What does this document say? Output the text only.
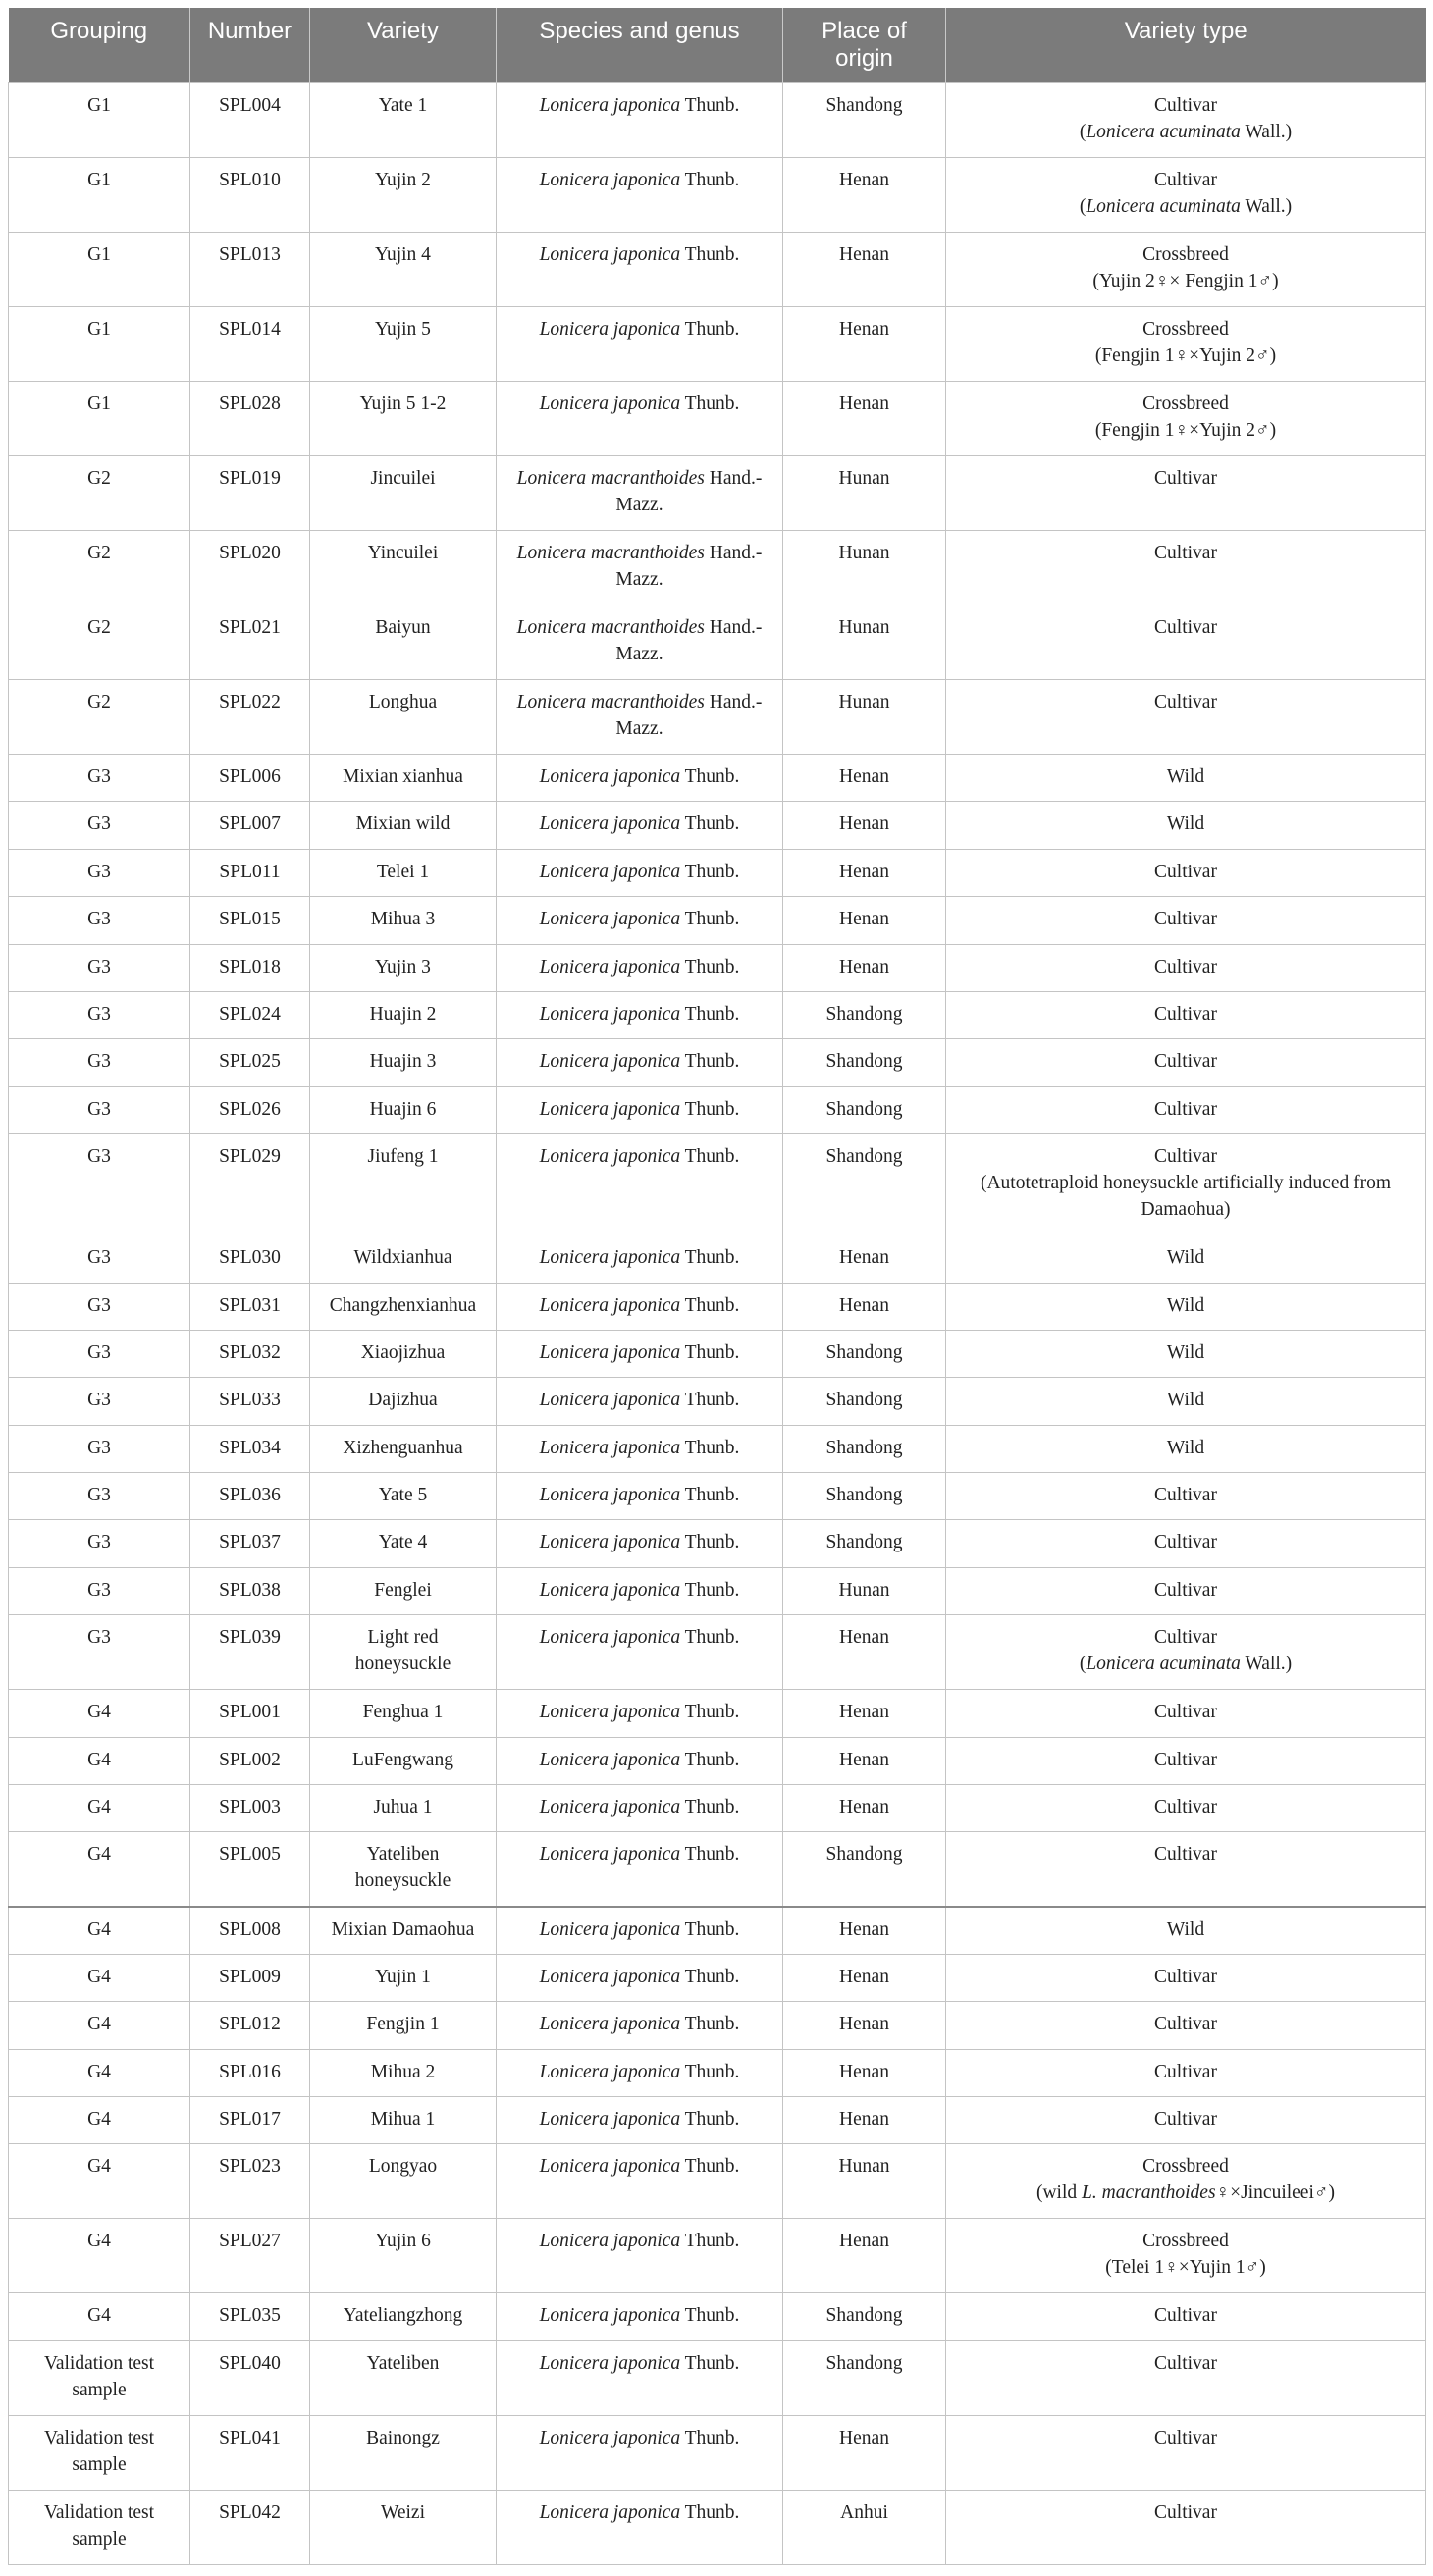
Grouping	Number	Variety	Species and genus	Place of origin	Variety type
G1	SPL004	Yate 1	Lonicera japonica Thunb.	Shandong	Cultivar
(Lonicera acuminata Wall.)

G1	SPL010	Yujin 2	Lonicera japonica Thunb.	Henan	Cultivar
(Lonicera acuminata Wall.)

G1	SPL013	Yujin 4	Lonicera japonica Thunb.	Henan	Crossbreed
(Yujin 2♀× Fengjin 1♂)

G1	SPL014	Yujin 5	Lonicera japonica Thunb.	Henan	Crossbreed
(Fengjin 1♀×Yujin 2♂)

G1	SPL028	Yujin 5 1-2	Lonicera japonica Thunb.	Henan	Crossbreed
(Fengjin 1♀×Yujin 2♂)

G2	SPL019	Jincuilei	Lonicera macranthoides Hand.-Mazz.	Hunan	Cultivar

G2	SPL020	Yincuilei	Lonicera macranthoides Hand.-Mazz.	Hunan	Cultivar

G2	SPL021	Baiyun	Lonicera macranthoides Hand.-Mazz.	Hunan	Cultivar

G2	SPL022	Longhua	Lonicera macranthoides Hand.-Mazz.	Hunan	Cultivar

G3	SPL006	Mixian xianhua	Lonicera japonica Thunb.	Henan	Wild

G3	SPL007	Mixian wild	Lonicera japonica Thunb.	Henan	Wild

G3	SPL011	Telei 1	Lonicera japonica Thunb.	Henan	Cultivar

G3	SPL015	Mihua 3	Lonicera japonica Thunb.	Henan	Cultivar

G3	SPL018	Yujin 3	Lonicera japonica Thunb.	Henan	Cultivar

G3	SPL024	Huajin 2	Lonicera japonica Thunb.	Shandong	Cultivar

G3	SPL025	Huajin 3	Lonicera japonica Thunb.	Shandong	Cultivar

G3	SPL026	Huajin 6	Lonicera japonica Thunb.	Shandong	Cultivar

G3	SPL029	Jiufeng 1	Lonicera japonica Thunb.	Shandong	Cultivar
(Autotetraploid honeysuckle artificially induced from Damaohua)

G3	SPL030	Wildxianhua	Lonicera japonica Thunb.	Henan	Wild

G3	SPL031	Changzhenxianhua	Lonicera japonica Thunb.	Henan	Wild

G3	SPL032	Xiaojizhua	Lonicera japonica Thunb.	Shandong	Wild

G3	SPL033	Dajizhua	Lonicera japonica Thunb.	Shandong	Wild

G3	SPL034	Xizhenguanhua	Lonicera japonica Thunb.	Shandong	Wild

G3	SPL036	Yate 5	Lonicera japonica Thunb.	Shandong	Cultivar

G3	SPL037	Yate 4	Lonicera japonica Thunb.	Shandong	Cultivar

G3	SPL038	Fenglei	Lonicera japonica Thunb.	Hunan	Cultivar

G3	SPL039	Light red honeysuckle	Lonicera japonica Thunb.	Henan	Cultivar
(Lonicera acuminata Wall.)

G4	SPL001	Fenghua 1	Lonicera japonica Thunb.	Henan	Cultivar

G4	SPL002	LuFengwang	Lonicera japonica Thunb.	Henan	Cultivar

G4	SPL003	Juhua 1	Lonicera japonica Thunb.	Henan	Cultivar

G4	SPL005	Yateliben honeysuckle	Lonicera japonica Thunb.	Shandong	Cultivar

G4	SPL008	Mixian Damaohua	Lonicera japonica Thunb.	Henan	Wild

G4	SPL009	Yujin 1	Lonicera japonica Thunb.	Henan	Cultivar

G4	SPL012	Fengjin 1	Lonicera japonica Thunb.	Henan	Cultivar

G4	SPL016	Mihua 2	Lonicera japonica Thunb.	Henan	Cultivar

G4	SPL017	Mihua 1	Lonicera japonica Thunb.	Henan	Cultivar

G4	SPL023	Longyao	Lonicera japonica Thunb.	Hunan	Crossbreed
(wild L. macranthoides♀×Jincuileei♂)

G4	SPL027	Yujin 6	Lonicera japonica Thunb.	Henan	Crossbreed
(Telei 1♀×Yujin 1♂)

G4	SPL035	Yateliangzhong	Lonicera japonica Thunb.	Shandong	Cultivar

Validation test sample	SPL040	Yateliben	Lonicera japonica Thunb.	Shandong	Cultivar

Validation test sample	SPL041	Bainongz	Lonicera japonica Thunb.	Henan	Cultivar

Validation test sample	SPL042	Weizi	Lonicera japonica Thunb.	Anhui	Cultivar
